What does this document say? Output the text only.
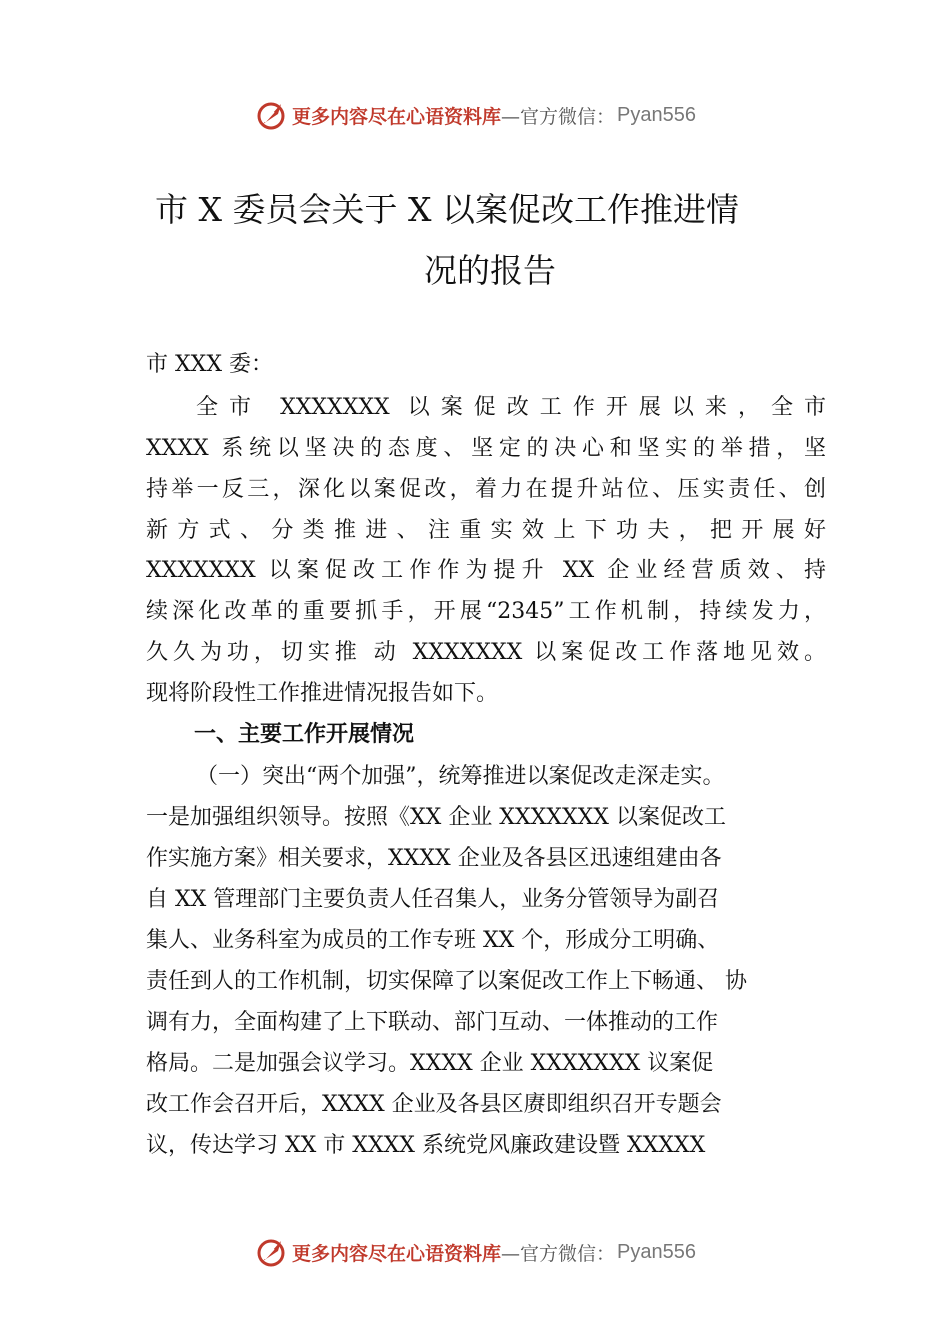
更多内容尽在心语资料库 —官方微信： Pyan556
市 X 委员会关于 X 以案促改工作推进情
况的报告
市 XXX 委：
全市 XXXXXXX 以案促改工作开展以来，全市
XXXX 系统以坚决的态度、坚定的决心和坚实的举措，坚
持举一反三，深化以案促改，着力在提升站位、压实责任、创
新方式、分类推进、注重实效上下功夫，把开展好
XXXXXXX 以案促改工作作为提升 XX 企业经营质效、持
续深化改革的重要抓手，开展“2345”工作机制，持续发力，
久久为功，切实推 动 XXXXXXX 以案促改工作落地见效。
现将阶段性工作推进情况报告如下。
一、主要工作开展情况
（一）突出“两个加强”，统筹推进以案促改走深走实。
一是加强组织领导。按照《XX 企业 XXXXXXX 以案促改工
作实施方案》相关要求，XXXX 企业及各县区迅速组建由各
自 XX 管理部门主要负责人任召集人，业务分管领导为副召
集人、业务科室为成员的工作专班 XX 个，形成分工明确、
责任到人的工作机制，切实保障了以案促改工作上下畅通、 协
调有力，全面构建了上下联动、部门互动、一体推动的工作
格局。二是加强会议学习。XXXX 企业 XXXXXXX 议案促
改工作会召开后，XXXX 企业及各县区赓即组织召开专题会
议，传达学习 XX 市 XXXX 系统党风廉政建设暨 XXXXX
更多内容尽在心语资料库 —官方微信： Pyan556
